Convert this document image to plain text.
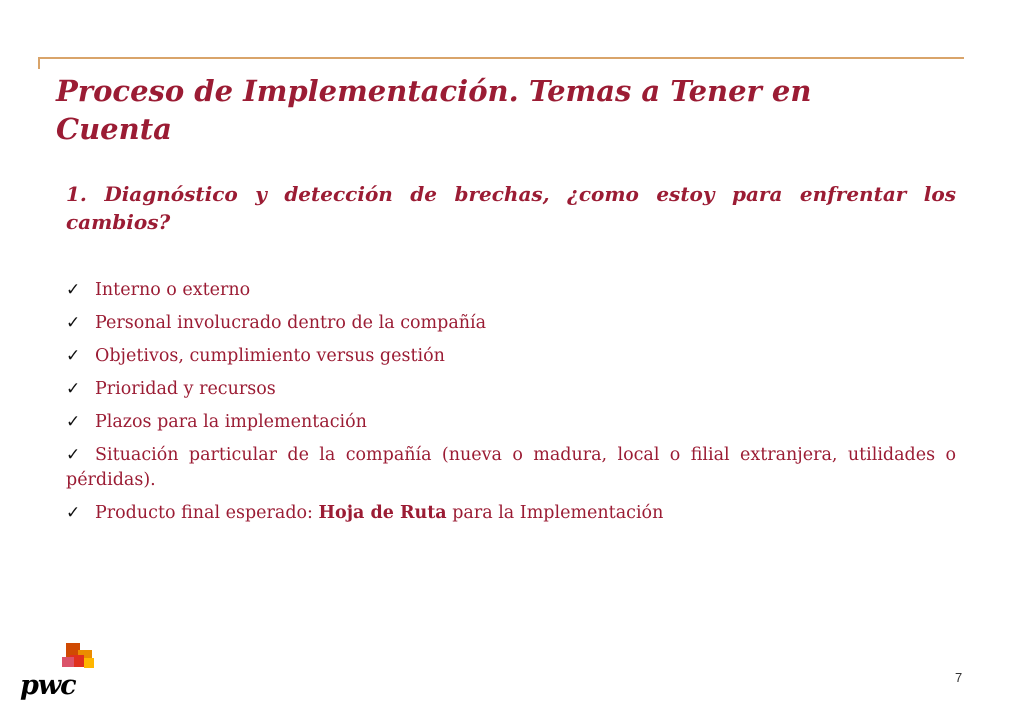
Proceso de Implementación. Temas a Tener en Cuenta

1. Diagnóstico y detección de brechas, ¿como estoy para enfrentar los cambios?

✓ Interno o externo
✓ Personal involucrado dentro de la compañía
✓ Objetivos, cumplimiento versus gestión
✓ Prioridad y recursos
✓ Plazos para la implementación
✓ Situación particular de la compañía (nueva o madura, local o filial extranjera, utilidades o pérdidas).
✓ Producto final esperado: Hoja de Ruta para la Implementación
pwc	7
